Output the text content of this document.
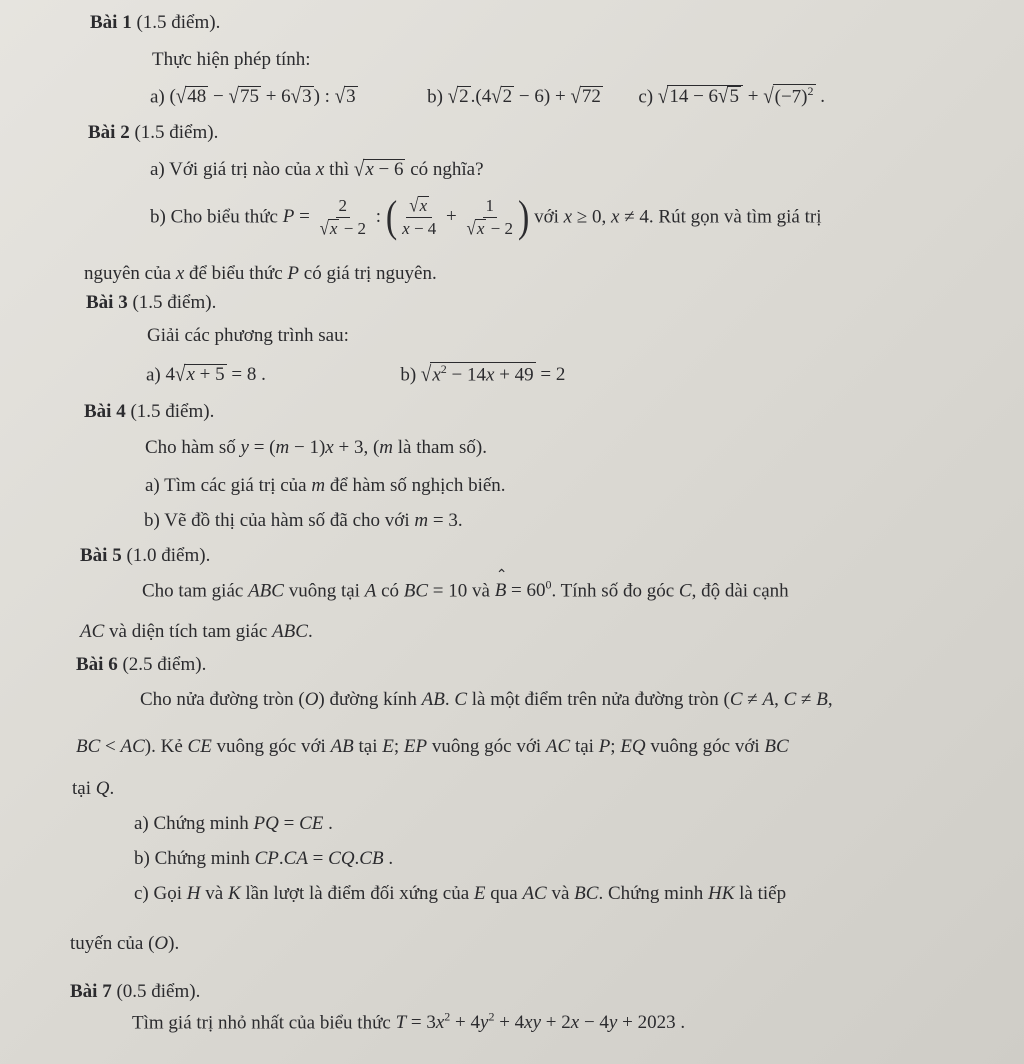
Bài 1 (1.5 điểm).
Thực hiện phép tính:
a) (√48 − √75 + 6√3 ) : √3	b) √2 .(4√2 − 6) + √72 c) $√14 - 6√5 + √(-7)^2$ .
Bài 2 (1.5 điểm).
a) Với giá trị nào của x thì √x − 6 có nghĩa?
b) Cho biểu thức $P = \frac{2}{√x - 2}$ : ( $\frac{√x}{x - 4} + \frac{1}{√x - 2}$ ) với x ≥ 0, x ≠ 4. Rút gọn và tìm giá trị
nguyên của x để biểu thức P có giá trị nguyên.
Bài 3 (1.5 điểm).
Giải các phương trình sau:
a) 4√x + 5 = 8 .	b) $√x^2 - 14x + 49 = 2$
Bài 4 (1.5 điểm).
Cho hàm số y = (m − 1)x + 3, (m là tham số).
a) Tìm các giá trị của m để hàm số nghịch biến.
b) Vẽ đồ thị của hàm số đã cho với m = 3.
Bài 5 (1.0 điểm).
Cho tam giác ABC vuông tại A có BC = 10 và ⌃ $B = 60^0$. Tính số đo góc C, độ dài cạnh
AC và diện tích tam giác ABC.
Bài 6 (2.5 điểm).
Cho nửa đường tròn (O) đường kính AB. C là một điểm trên nửa đường tròn (C ≠ A, C ≠ B,
BC < AC). Kẻ CE vuông góc với AB tại E; EP vuông góc với AC tại P; EQ vuông góc với BC
tại Q.
a) Chứng minh PQ = CE .
b) Chứng minh CP.CA = CQ.CB .
c) Gọi H và K lần lượt là điểm đối xứng của E qua AC và BC. Chứng minh HK là tiếp
tuyến của (O).
Bài 7 (0.5 điểm).
Tìm giá trị nhỏ nhất của biểu thức $T = 3x^2 + 4y^2 + 4xy + 2x - 4y + 2023$ .
